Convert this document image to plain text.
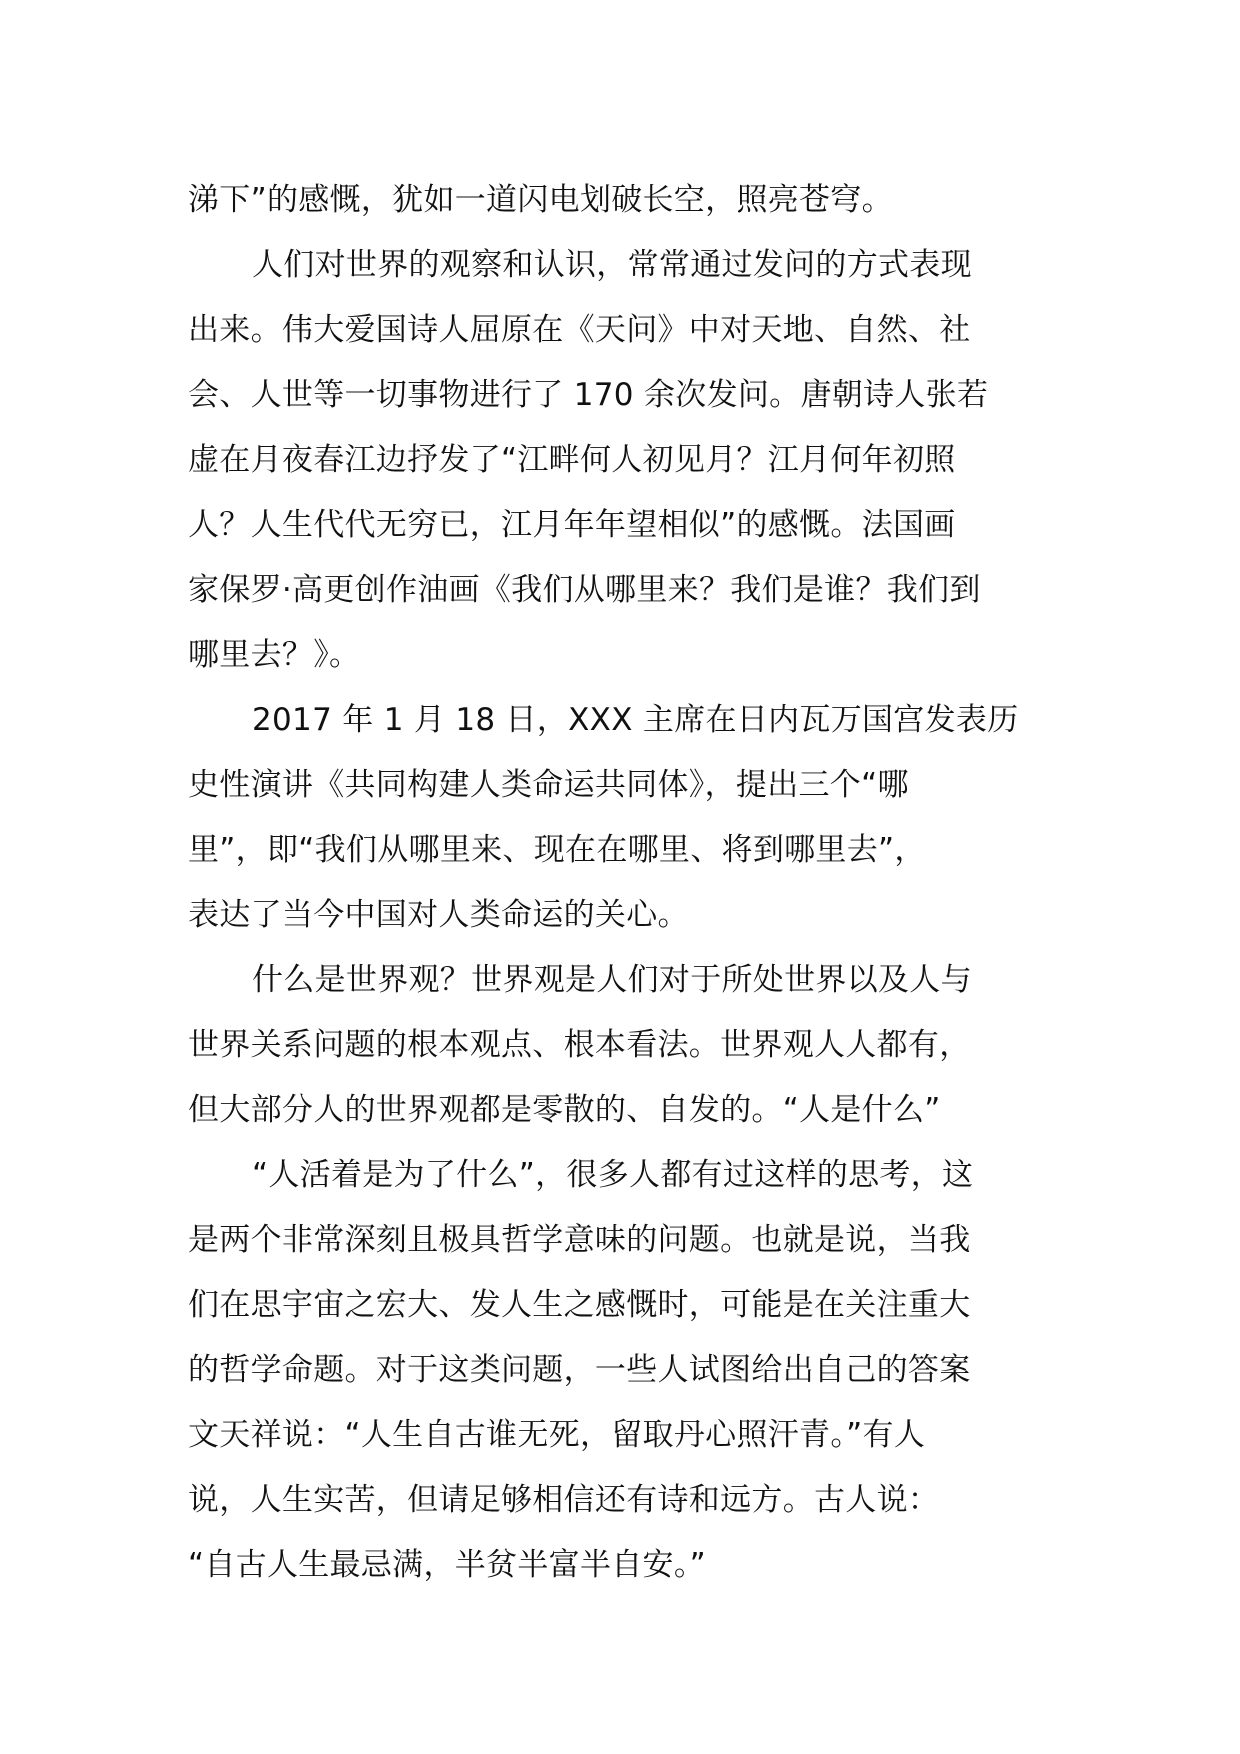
涕下”的感慨，犹如一道闪电划破长空，照亮苍穹。
人们对世界的观察和认识，常常通过发问的方式表现
出来。伟大爱国诗人屈原在《天问》中对天地、自然、社
会、人世等一切事物进行了 170 余次发问。唐朝诗人张若
虚在月夜春江边抒发了“江畔何人初见月？江月何年初照
人？人生代代无穷已，江月年年望相似”的感慨。法国画
家保罗·高更创作油画《我们从哪里来？我们是谁？我们到
哪里去？》。
2017 年 1 月 18 日，XXX 主席在日内瓦万国宫发表历
史性演讲《共同构建人类命运共同体》，提出三个“哪
里”，即“我们从哪里来、现在在哪里、将到哪里去”，
表达了当今中国对人类命运的关心。
什么是世界观？世界观是人们对于所处世界以及人与
世界关系问题的根本观点、根本看法。世界观人人都有，
但大部分人的世界观都是零散的、自发的。“人是什么”
“人活着是为了什么”，很多人都有过这样的思考，这
是两个非常深刻且极具哲学意味的问题。也就是说，当我
们在思宇宙之宏大、发人生之感慨时，可能是在关注重大
的哲学命题。对于这类问题，一些人试图给出自己的答案
文天祥说：“人生自古谁无死，留取丹心照汗青。”有人
说，人生实苦，但请足够相信还有诗和远方。古人说：
“自古人生最忌满，半贫半富半自安。”
